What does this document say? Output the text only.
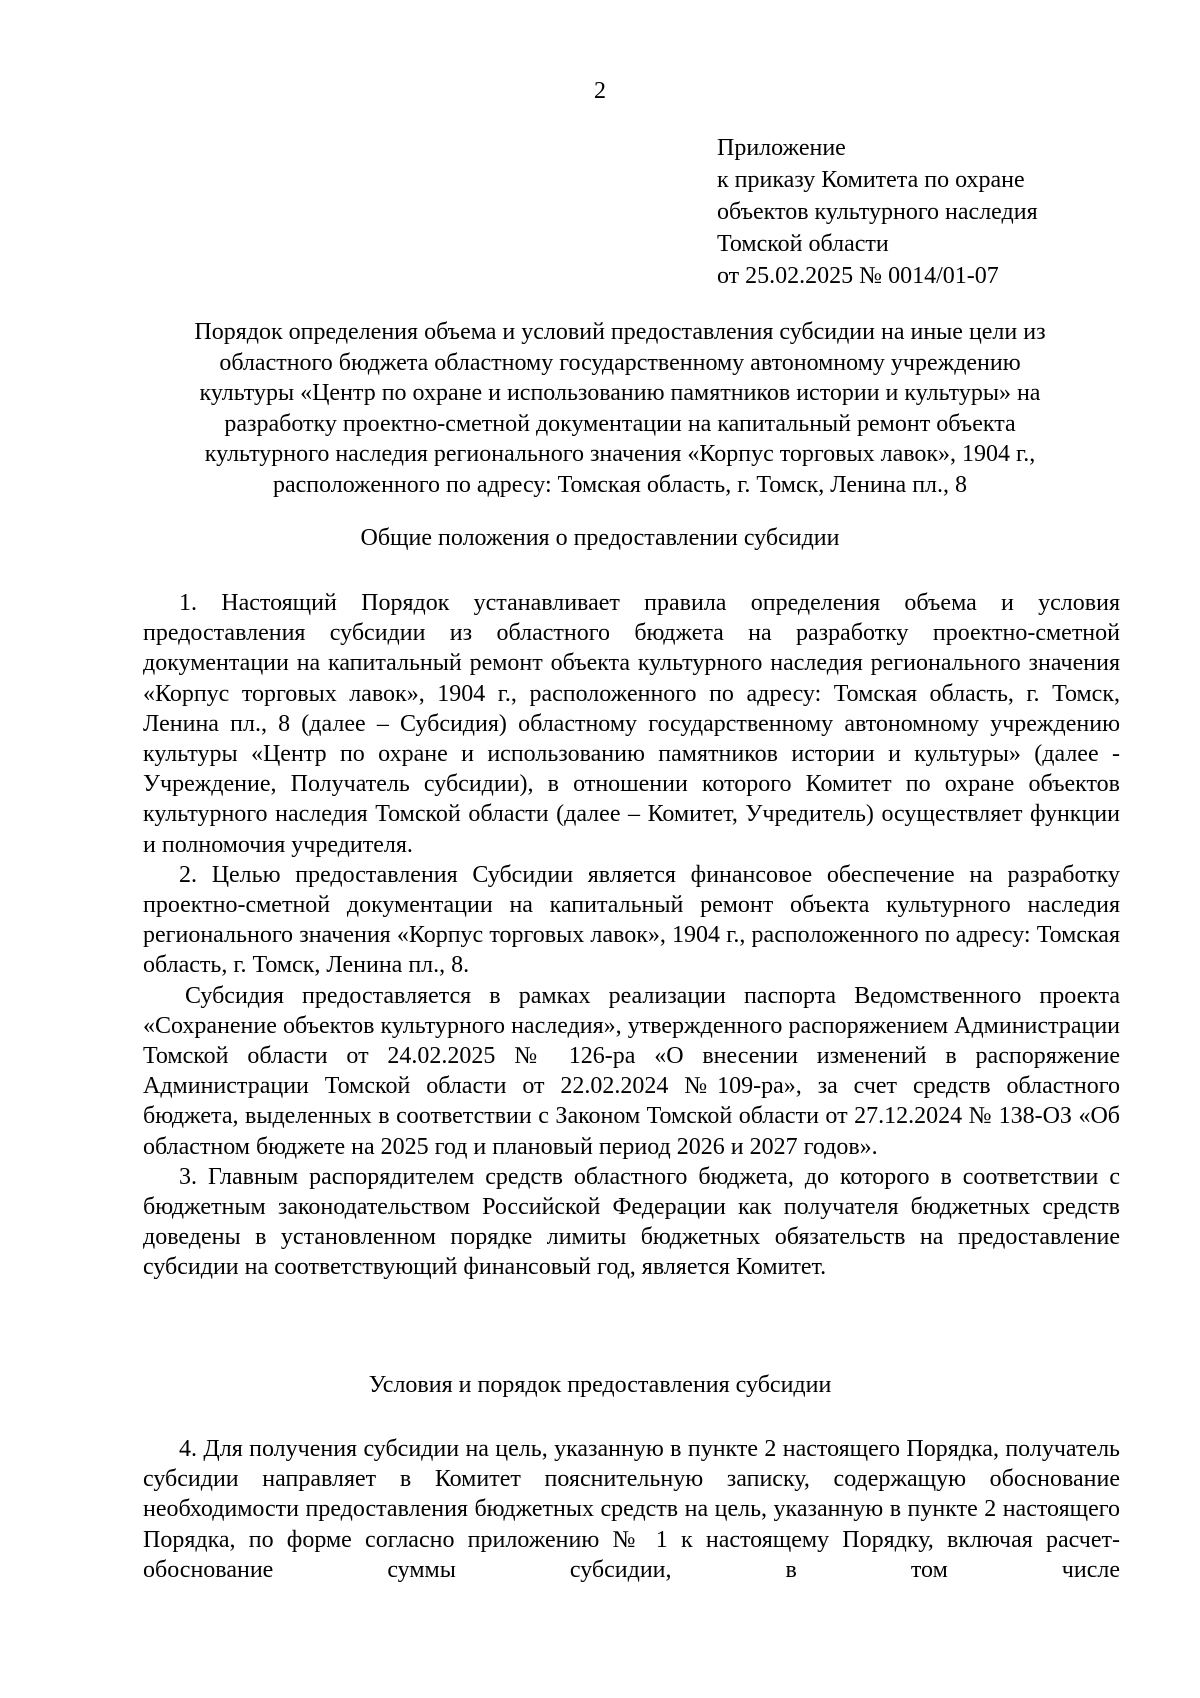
2
Приложение
к приказу Комитета по охране
объектов культурного наследия
Томской области
от 25.02.2025 № 0014/01-07
Порядок определения объема и условий предоставления субсидии на иные цели из
областного бюджета областному государственному автономному учреждению
культуры «Центр по охране и использованию памятников истории и культуры» на
разработку проектно-сметной документации на капитальный ремонт объекта
культурного наследия регионального значения «Корпус торговых лавок», 1904 г.,
расположенного по адресу: Томская область, г. Томск, Ленина пл., 8
Общие положения о предоставлении субсидии

1. Настоящий Порядок устанавливает правила определения объема и условия предоставления субсидии из областного бюджета на разработку проектно-сметной документации на капитальный ремонт объекта культурного наследия регионального значения «Корпус торговых лавок», 1904 г., расположенного по адресу: Томская область, г. Томск, Ленина пл., 8 (далее – Субсидия) областному государственному автономному учреждению культуры «Центр по охране и использованию памятников истории и культуры» (далее - Учреждение, Получатель субсидии), в отношении которого Комитет по охране объектов культурного наследия Томской области (далее – Комитет, Учредитель) осуществляет функции и полномочия учредителя.

2. Целью предоставления Субсидии является финансовое обеспечение на разработку проектно-сметной документации на капитальный ремонт объекта культурного наследия регионального значения «Корпус торговых лавок», 1904 г., расположенного по адресу: Томская область, г. Томск, Ленина пл., 8.

Субсидия предоставляется в рамках реализации паспорта Ведомственного проекта «Сохранение объектов культурного наследия», утвержденного распоряжением Администрации Томской области от 24.02.2025 № 126-ра «О внесении изменений в распоряжение Администрации Томской области от 22.02.2024 №109-ра», за счет средств областного бюджета, выделенных в соответствии с Законом Томской области от 27.12.2024 № 138-ОЗ «Об областном бюджете на 2025 год и плановый период 2026 и 2027 годов».

3. Главным распорядителем средств областного бюджета, до которого в соответствии с бюджетным законодательством Российской Федерации как получателя бюджетных средств доведены в установленном порядке лимиты бюджетных обязательств на предоставление субсидии на соответствующий финансовый год, является Комитет.

Условия и порядок предоставления субсидии

4. Для получения субсидии на цель, указанную в пункте 2 настоящего Порядка, получатель субсидии направляет в Комитет пояснительную записку, содержащую обоснование необходимости предоставления бюджетных средств на цель, указанную в пункте 2 настоящего Порядка, по форме согласно приложению № 1 к настоящему Порядку, включая расчет-обоснование суммы субсидии, в том числе
